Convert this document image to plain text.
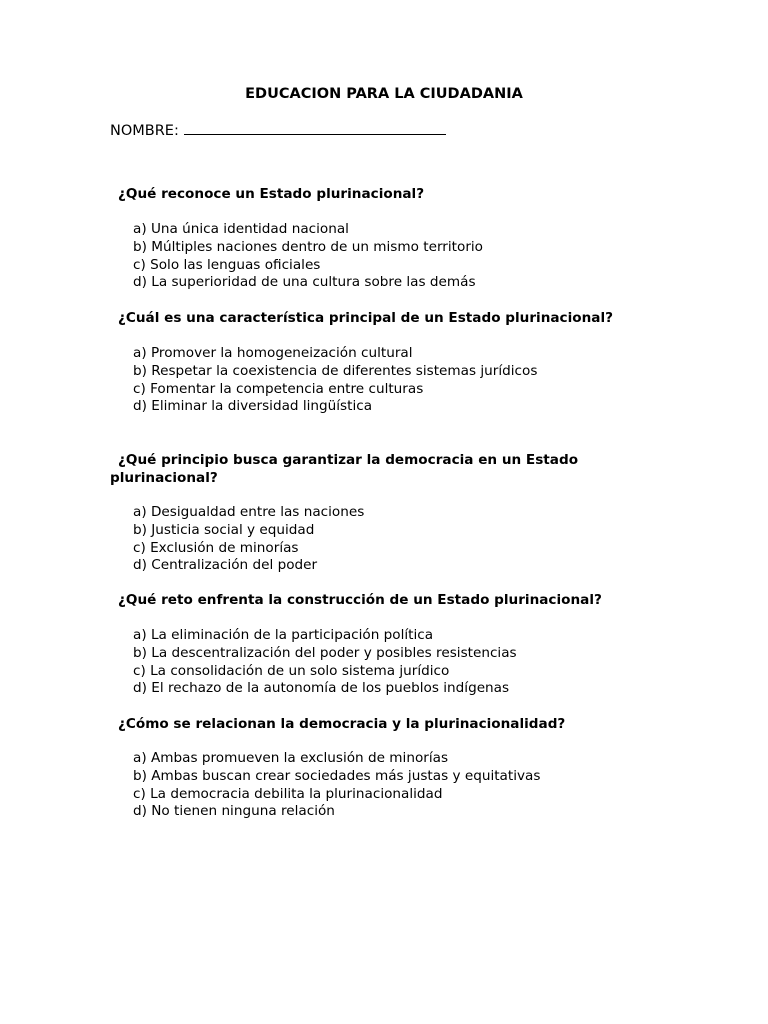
EDUCACION PARA LA CIUDADANIA
NOMBRE:
¿Qué reconoce un Estado plurinacional?
a) Una única identidad nacional
b) Múltiples naciones dentro de un mismo territorio
c) Solo las lenguas oficiales
d) La superioridad de una cultura sobre las demás
¿Cuál es una característica principal de un Estado plurinacional?
a) Promover la homogeneización cultural
b) Respetar la coexistencia de diferentes sistemas jurídicos
c) Fomentar la competencia entre culturas
d) Eliminar la diversidad lingüística
¿Qué principio busca garantizar la democracia en un Estado plurinacional?
a) Desigualdad entre las naciones
b) Justicia social y equidad
c) Exclusión de minorías
d) Centralización del poder
¿Qué reto enfrenta la construcción de un Estado plurinacional?
a) La eliminación de la participación política
b) La descentralización del poder y posibles resistencias
c) La consolidación de un solo sistema jurídico
d) El rechazo de la autonomía de los pueblos indígenas
¿Cómo se relacionan la democracia y la plurinacionalidad?
a) Ambas promueven la exclusión de minorías
b) Ambas buscan crear sociedades más justas y equitativas
c) La democracia debilita la plurinacionalidad
d) No tienen ninguna relación
